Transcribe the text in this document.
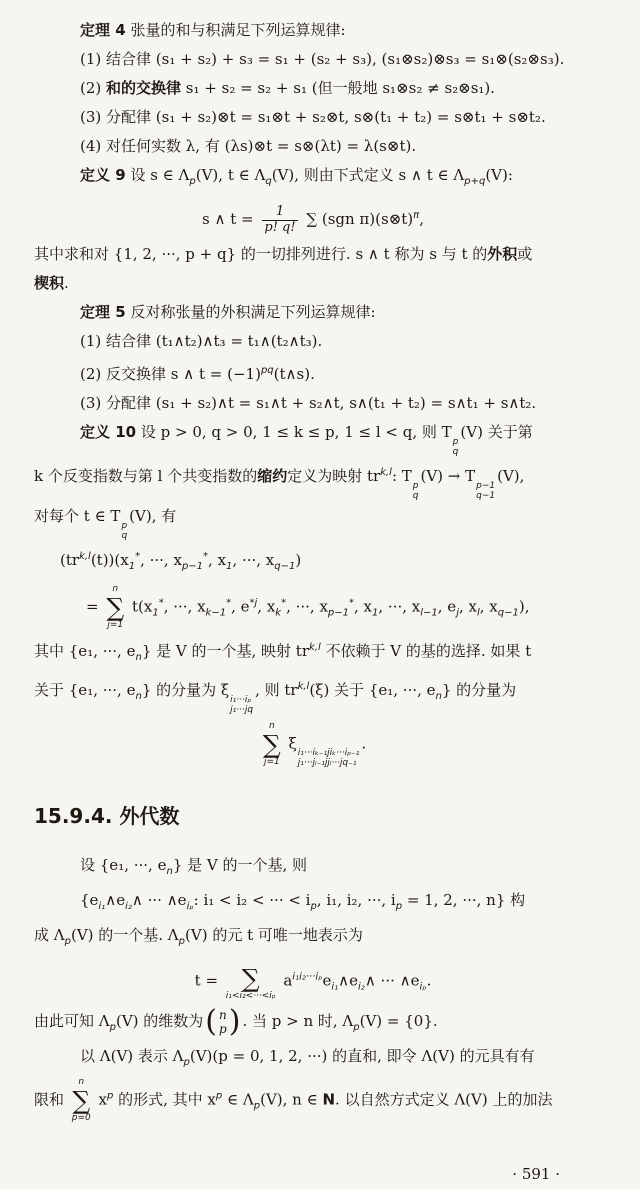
定理 4 张量的和与积满足下列运算规律:
(1) 结合律 (s₁ + s₂) + s₃ = s₁ + (s₂ + s₃), (s₁⊗s₂)⊗s₃ = s₁⊗(s₂⊗s₃).
(2) 和的交换律 s₁ + s₂ = s₂ + s₁ (但一般地 s₁⊗s₂ ≠ s₂⊗s₁).
(3) 分配律 (s₁ + s₂)⊗t = s₁⊗t + s₂⊗t, s⊗(t₁ + t₂) = s⊗t₁ + s⊗t₂.
(4) 对任何实数 λ, 有 (λs)⊗t = s⊗(λt) = λ(s⊗t).
定义 9 设 s ∈ $\Lambda_p(V)$, t ∈ $\Lambda_q(V)$, 则由下式定义 s ∧ t ∈ $\Lambda_{p+q}(V)$:
s ∧ $t = \frac{1}{p! q!}$ ∑ (sgn π)(s⊗t)$^\pi$,
其中求和对 {1, 2, ···, p + q} 的一切排列进行. s ∧ t 称为 s 与 t 的外积或
楔积.
定理 5 反对称张量的外积满足下列运算规律:
(1) 结合律 (t₁∧t₂)∧t₃ = t₁∧(t₂∧t₃).
(2) 反交换律 s ∧ $t = (-1)^{pq}(t\wedge s)$.
(3) 分配律 (s₁ + s₂)∧t = s₁∧t + s₂∧t, s∧(t₁ + t₂) = s∧t₁ + s∧t₂.
定义 10 设 p > 0, q > 0, 1 ≤ k ≤ p, 1 ≤ l < q, 则 T
p
q
(V) 关于第
k 个反变指数与第 l 个共变指数的缩约定义为映射 tr$^{k,l}$: T
p
q
(V) → T
p−1
q−1
(V),
对每个 t ∈ T
p
q
(V), 有
$(tr^{k,l}(t))(x_1^*$, ···, $x_{p-1}^*$, $x_1$, ···, $x_{q-1}$)
=
n
∑
j=1
$t(x_1^*$, ···, $x_{k-1}^*$, $e^{*j}$, $x_k^*$, ···, $x_{p-1}^*$, $x_1$, ···, $x_{l-1}$, $e_j$, $x_l$, $x_{q-1}$),
其中 {e₁, ···, $e_n$} 是 V 的一个基, 映射 tr$^{k,l}$ 不依赖于 V 的基的选择. 如果 t
关于 {e₁, ···, $e_n$} 的分量为 ξ
i₁···iₚ
j₁···jq
, 则 tr$^{k,l}$(ξ) 关于 {e₁, ···, $e_n$} 的分量为
n
∑
j=1
ξ
i₁···iₖ₋₁jiₖ···iₚ₋₁
j₁···jₗ₋₁jjₗ···jq₋₁
.
15.9.4. 外代数
设 {e₁, ···, $e_n$} 是 V 的一个基, 则
{$e_{i_1}\wedge e_{i_2}\wedge$ ··· $\wedge e_{i_p}$: i₁ < i₂ < ··· < $i_p$, i₁, i₂, ···, $i_p = 1$, 2, ···, n} 构
成 $\Lambda_p(V)$ 的一个基. $\Lambda_p(V)$ 的元 t 可唯一地表示为
t = ∑
i₁<i₂<···<iₚ
$a^{i_1i_2\cdot\cdot\cdot i_p}e_{i_1}\wedge e_{i_2}\wedge$ ··· $\wedge e_{i_p}$.
由此可知 $\Lambda_p(V)$ 的维数为 ( n
p ) . 当 p > n 时, $\Lambda_p(V) = \{0\}$.
以 Λ(V) 表示 $\Lambda_p(V)(p = 0$, 1, 2, ···) 的直和, 即令 Λ(V) 的元具有有
限和
n
∑
p=0
$x^p$ 的形式, 其中 $x^p$ ∈ $\Lambda_p(V)$, n ∈ N. 以自然方式定义 Λ(V) 上的加法
· 591 ·
